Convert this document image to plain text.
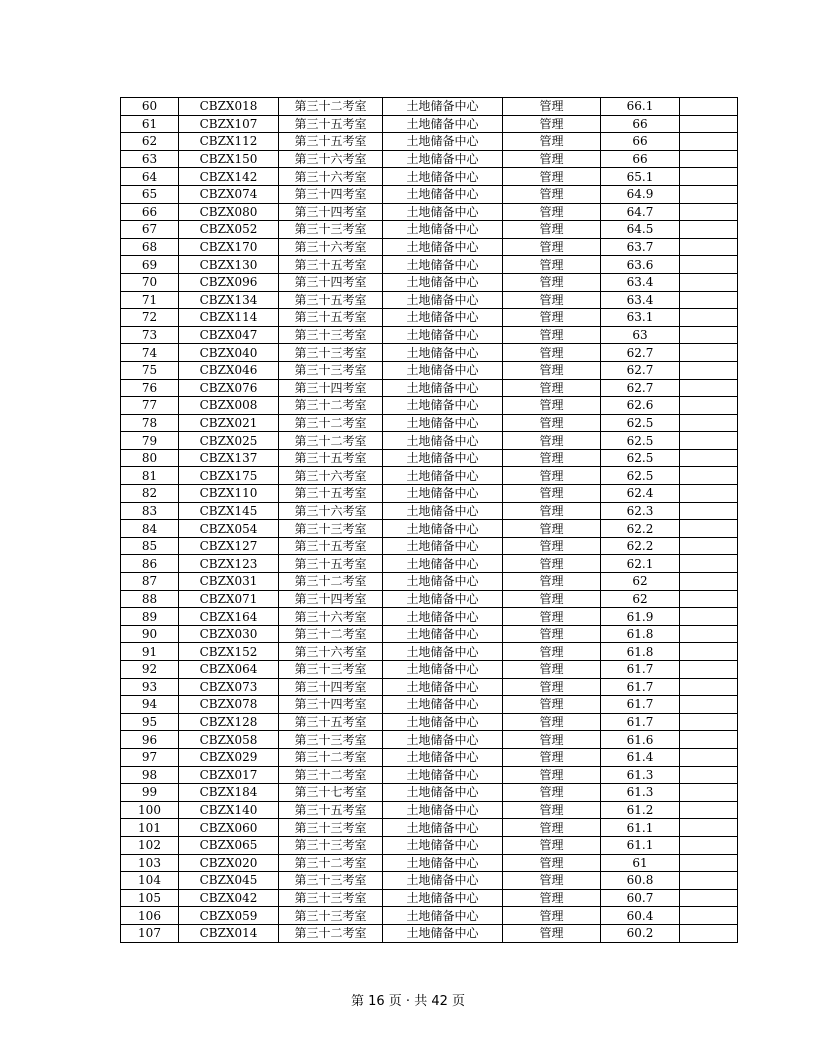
60	CBZX018	第三十二考室	土地储备中心	管理	66.1	
61	CBZX107	第三十五考室	土地储备中心	管理	66	
62	CBZX112	第三十五考室	土地储备中心	管理	66	
63	CBZX150	第三十六考室	土地储备中心	管理	66	
64	CBZX142	第三十六考室	土地储备中心	管理	65.1	
65	CBZX074	第三十四考室	土地储备中心	管理	64.9	
66	CBZX080	第三十四考室	土地储备中心	管理	64.7	
67	CBZX052	第三十三考室	土地储备中心	管理	64.5	
68	CBZX170	第三十六考室	土地储备中心	管理	63.7	
69	CBZX130	第三十五考室	土地储备中心	管理	63.6	
70	CBZX096	第三十四考室	土地储备中心	管理	63.4	
71	CBZX134	第三十五考室	土地储备中心	管理	63.4	
72	CBZX114	第三十五考室	土地储备中心	管理	63.1	
73	CBZX047	第三十三考室	土地储备中心	管理	63	
74	CBZX040	第三十三考室	土地储备中心	管理	62.7	
75	CBZX046	第三十三考室	土地储备中心	管理	62.7	
76	CBZX076	第三十四考室	土地储备中心	管理	62.7	
77	CBZX008	第三十二考室	土地储备中心	管理	62.6	
78	CBZX021	第三十二考室	土地储备中心	管理	62.5	
79	CBZX025	第三十二考室	土地储备中心	管理	62.5	
80	CBZX137	第三十五考室	土地储备中心	管理	62.5	
81	CBZX175	第三十六考室	土地储备中心	管理	62.5	
82	CBZX110	第三十五考室	土地储备中心	管理	62.4	
83	CBZX145	第三十六考室	土地储备中心	管理	62.3	
84	CBZX054	第三十三考室	土地储备中心	管理	62.2	
85	CBZX127	第三十五考室	土地储备中心	管理	62.2	
86	CBZX123	第三十五考室	土地储备中心	管理	62.1	
87	CBZX031	第三十二考室	土地储备中心	管理	62	
88	CBZX071	第三十四考室	土地储备中心	管理	62	
89	CBZX164	第三十六考室	土地储备中心	管理	61.9	
90	CBZX030	第三十二考室	土地储备中心	管理	61.8	
91	CBZX152	第三十六考室	土地储备中心	管理	61.8	
92	CBZX064	第三十三考室	土地储备中心	管理	61.7	
93	CBZX073	第三十四考室	土地储备中心	管理	61.7	
94	CBZX078	第三十四考室	土地储备中心	管理	61.7	
95	CBZX128	第三十五考室	土地储备中心	管理	61.7	
96	CBZX058	第三十三考室	土地储备中心	管理	61.6	
97	CBZX029	第三十二考室	土地储备中心	管理	61.4	
98	CBZX017	第三十二考室	土地储备中心	管理	61.3	
99	CBZX184	第三十七考室	土地储备中心	管理	61.3	
100	CBZX140	第三十五考室	土地储备中心	管理	61.2	
101	CBZX060	第三十三考室	土地储备中心	管理	61.1	
102	CBZX065	第三十三考室	土地储备中心	管理	61.1	
103	CBZX020	第三十二考室	土地储备中心	管理	61	
104	CBZX045	第三十三考室	土地储备中心	管理	60.8	
105	CBZX042	第三十三考室	土地储备中心	管理	60.7	
106	CBZX059	第三十三考室	土地储备中心	管理	60.4	
107	CBZX014	第三十二考室	土地储备中心	管理	60.2	
第 16 页 · 共 42 页
